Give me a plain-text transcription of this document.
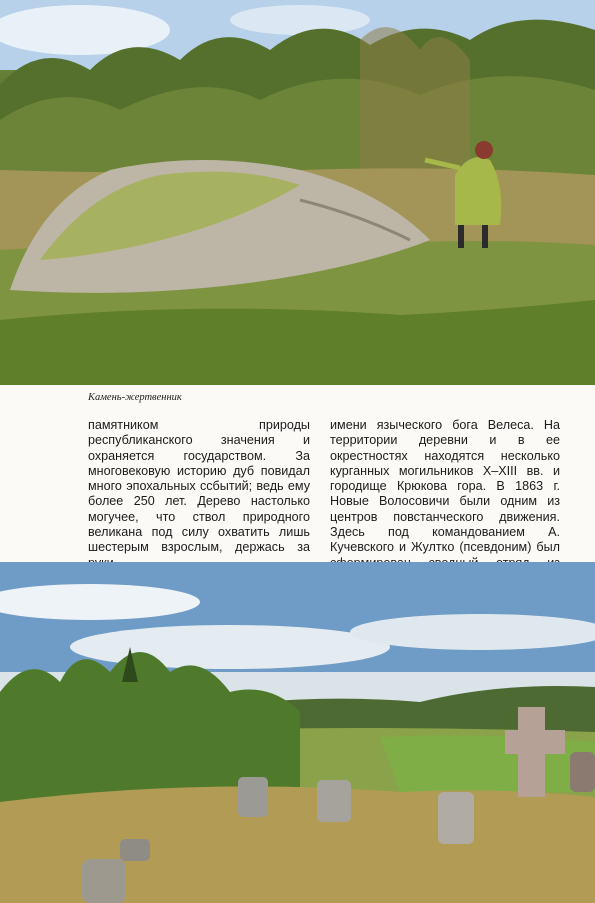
Камень-жертвенник

памятником природы республиканского значения и охраняется государством. За многовековую историю дуб повидал много эпохальных ссбытий; ведь ему более 250 лет. Дерево настолько могучее, что ствол природного великана под силу охватить лишь шестерым взрослым, держась за

имени языческого бога Велеса. На территории деревни и в ее окрестностях находятся несколько курганных могильников X–XIII вв. и городище Крюкова гора. В 1863 г. Новые Волосовичи были одним из центров повстанческого движения. Здесь под командованием А. Кучевского и Жултко (псевдоним) был
